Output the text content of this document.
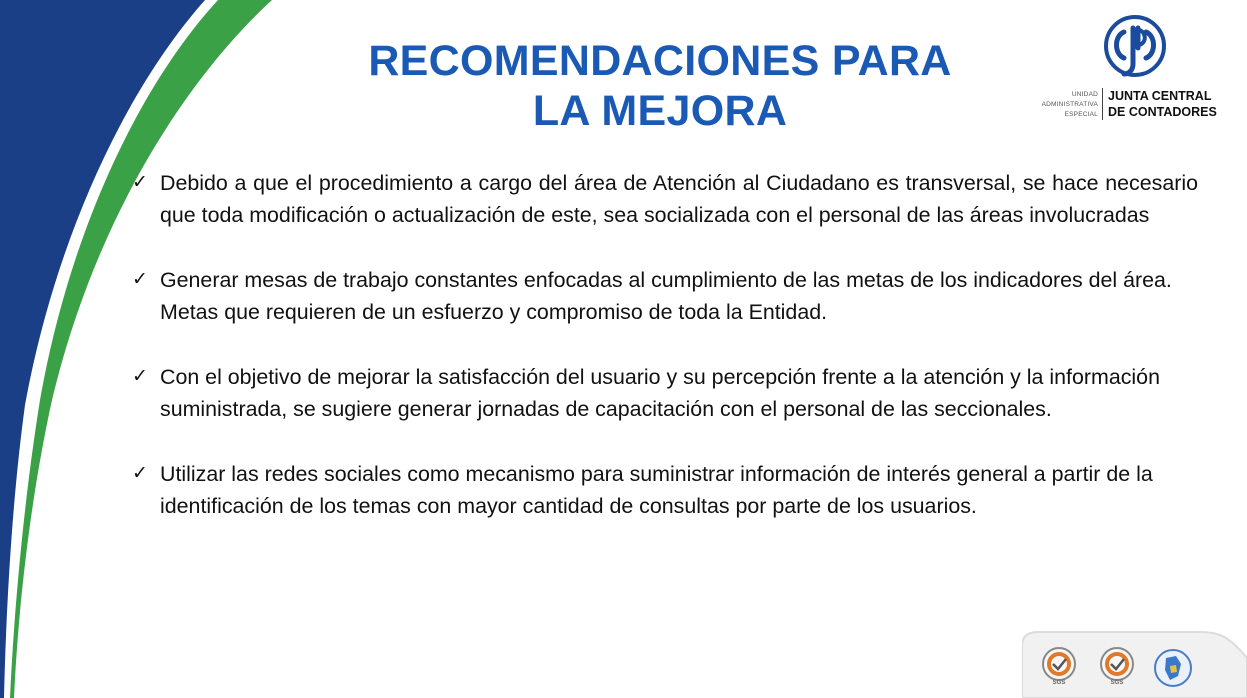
RECOMENDACIONES PARA
LA MEJORA	UNIDAD
ADMINISTRATIVA
ESPECIAL
JUNTA CENTRAL
DE CONTADORES
✓ Debido a que el procedimiento a cargo del área de Atención al Ciudadano es transversal, se hace necesario que toda modificación o actualización de este, sea socializada con el personal de las áreas involucradas
✓ Generar mesas de trabajo constantes enfocadas al cumplimiento de las metas de los indicadores del área. Metas que requieren de un esfuerzo y compromiso de toda la Entidad.
✓ Con el objetivo de mejorar la satisfacción del usuario y su percepción frente a la atención y la información suministrada, se sugiere generar jornadas de capacitación con el personal de las seccionales.
✓ Utilizar las redes sociales como mecanismo para suministrar información de interés general a partir de la identificación de los temas con mayor cantidad de consultas por parte de los usuarios.
SGS	SGS
